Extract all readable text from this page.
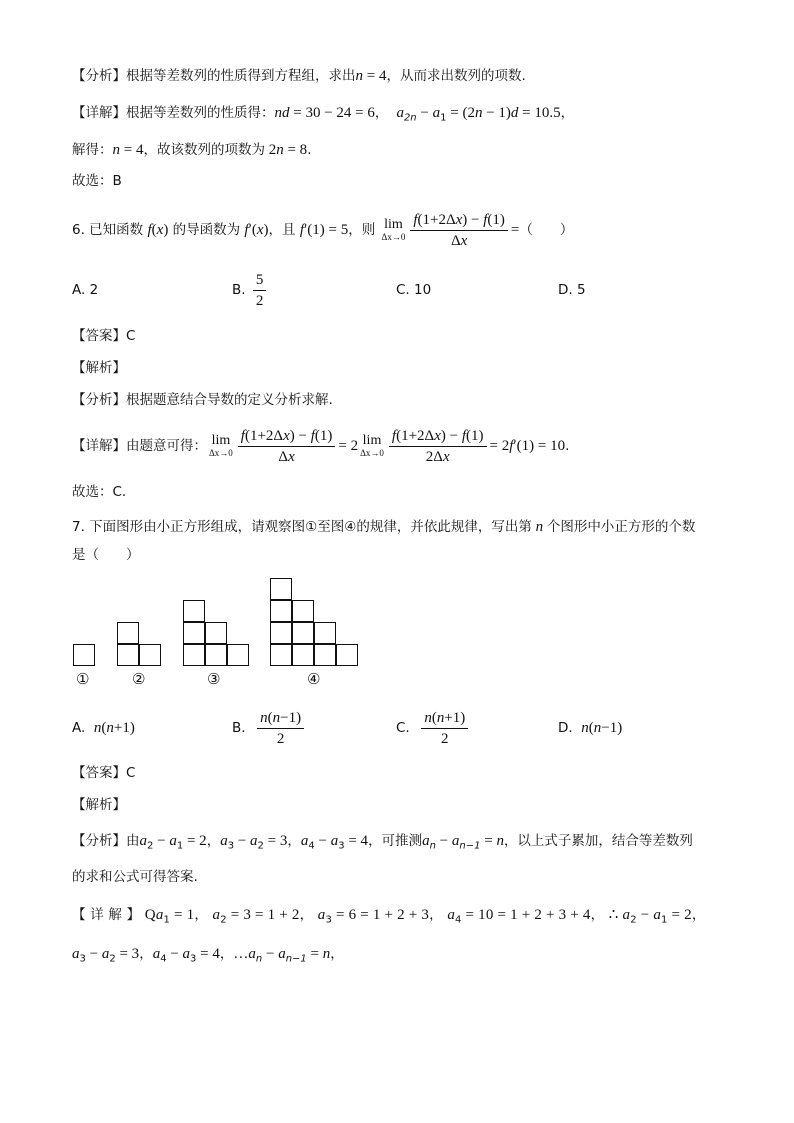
【分析】根据等差数列的性质得到方程组，求出n = 4，从而求出数列的项数.
【详解】根据等差数列的性质得：nd = 30 − 24 = 6，  $a_{2n} - a_1 = (2n - 1)d = 10.5$，
解得：n = 4，故该数列的项数为 2n = 8.
故选：B
6. 已知函数 f ( x ) 的导函数为 f ′( x ) ，且 f ′(1) = 5 ，则 lim
$\Delta x\to 0 \frac{f(1+2\Delta x) - f(1)}{\Delta x}$ = （　　）
A. 2	B. $\frac{5}{2}$	C. 10	D. 5
【答案】C
【解析】
【分析】根据题意结合导数的定义分析求解.
【详解】由题意可得： lim
$\Delta x\to 0 \frac{f(1+2\Delta x) - f(1)}{\Delta x} = 2$ lim
$\Delta x\to 0 \frac{f(1+2\Delta x) - f(1)}{2\Delta x} = 2$ f ′(1) = 10 .
故选：C.
7. 下面图形由小正方形组成，请观察图①至图④的规律，并依此规律，写出第 n 个图形中小正方形的个数
是（　　）
①	②	③	④
A. n ( n +1)	B. $\frac{n(n-1)}{2}$	C. $\frac{n(n+1)}{2}$	D. n ( n −1)
【答案】C
【解析】
【分析】由$a_2 - a_1 = 2$，$a_3 - a_2 = 3$，$a_4 - a_3 = 4$，可推测$a_n - a_{n-1} = n$，以上式子累加，结合等差数列
的求和公式可得答案.
【 详 解 】 $Qa_1 = 1$， $a_2 = 3 = 1 + 2$， $a_3 = 6 = 1 + 2 + 3$， $a_4 = 10 = 1 + 2 + 3 + 4$， ∴ $a_2 - a_1 = 2$，
$a_3 - a_2 = 3$，$a_4 - a_3 = 4$，$\dots a_n - a_{n-1} = n$，
